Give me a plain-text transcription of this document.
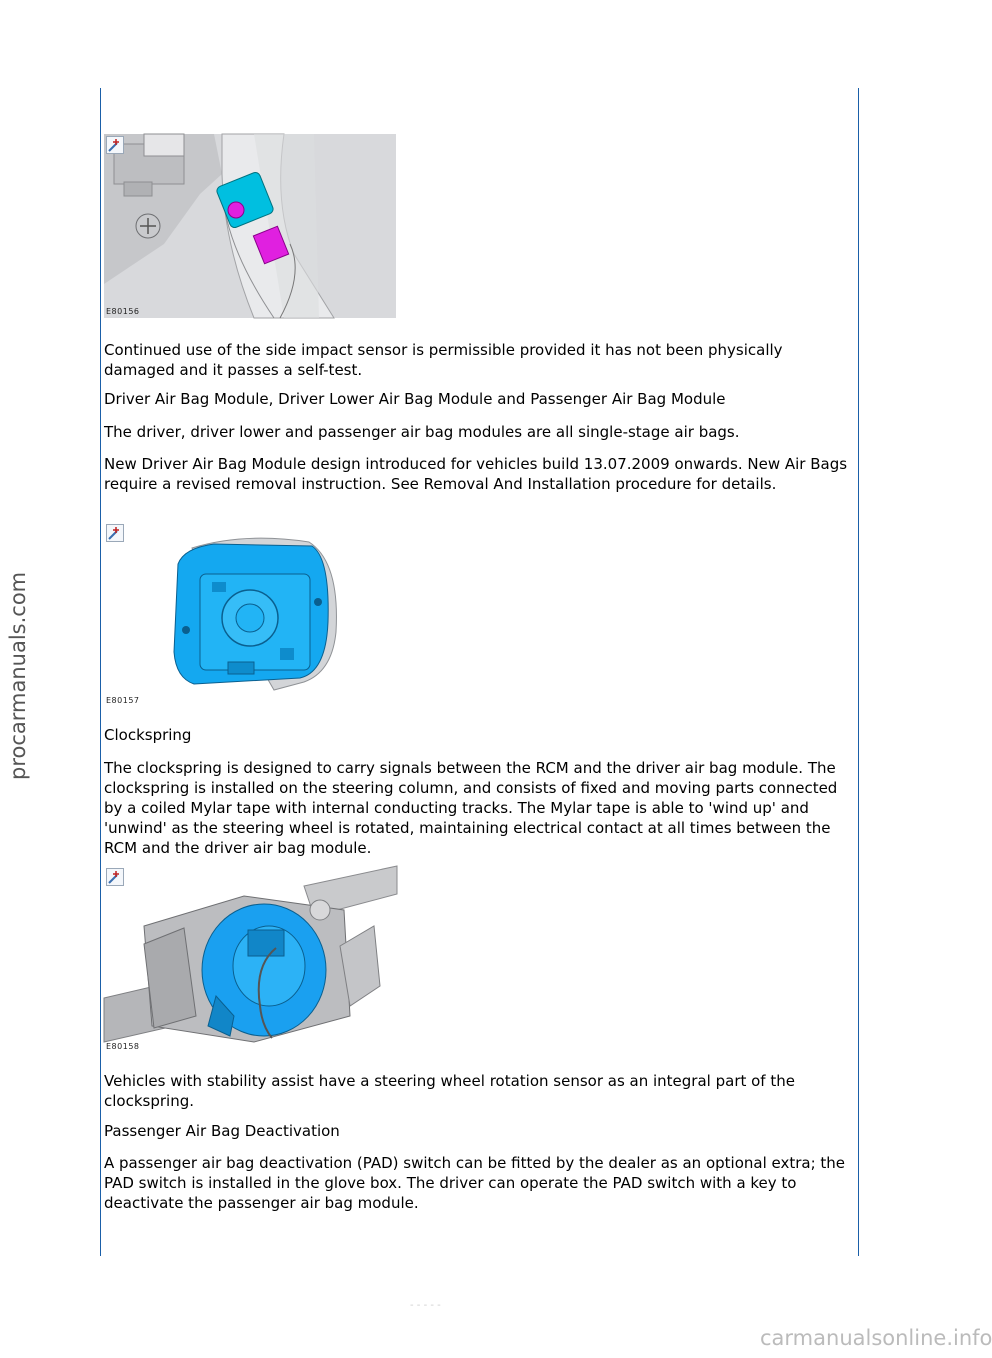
procarmanuals.com
carmanualsonline.info
- - - - -
E80156
Continued use of the side impact sensor is permissible provided it has not been physically damaged and it passes a self-test.
Driver Air Bag Module, Driver Lower Air Bag Module and Passenger Air Bag Module
The driver, driver lower and passenger air bag modules are all single-stage air bags.
New Driver Air Bag Module design introduced for vehicles build 13.07.2009 onwards. New Air Bags require a revised removal instruction. See Removal And Installation procedure for details.
E80157
Clockspring
The clockspring is designed to carry signals between the RCM and the driver air bag module. The clockspring is installed on the steering column, and consists of fixed and moving parts connected by a coiled Mylar tape with internal conducting tracks. The Mylar tape is able to 'wind up' and 'unwind' as the steering wheel is rotated, maintaining electrical contact at all times between the RCM and the driver air bag module.
E80158
Vehicles with stability assist have a steering wheel rotation sensor as an integral part of the clockspring.
Passenger Air Bag Deactivation
A passenger air bag deactivation (PAD) switch can be fitted by the dealer as an optional extra; the PAD switch is installed in the glove box. The driver can operate the PAD switch with a key to deactivate the passenger air bag module.
